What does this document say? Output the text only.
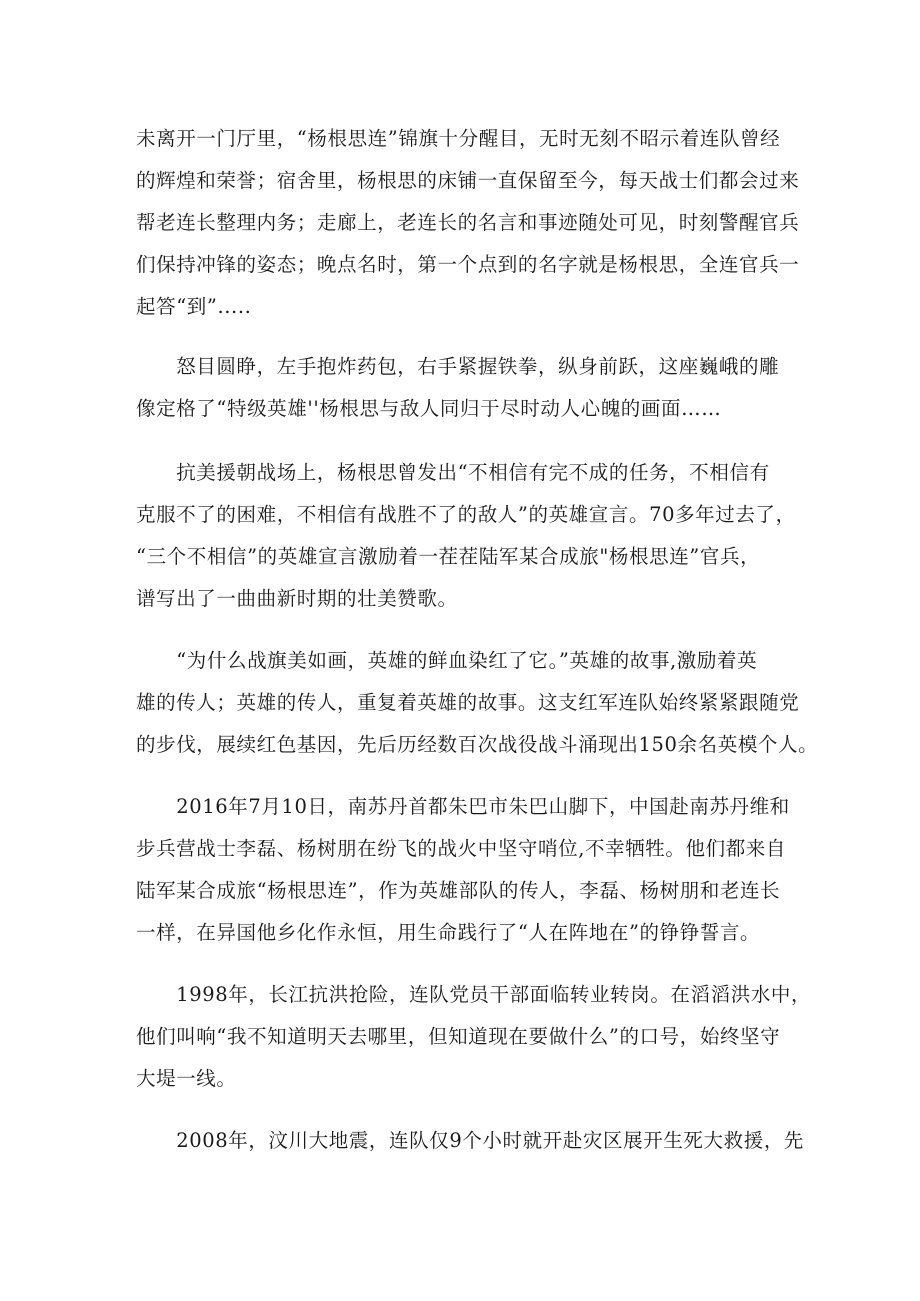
未离开一门厅里，“杨根思连”锦旗十分醒目，无时无刻不昭示着连队曾经
的辉煌和荣誉；宿舍里，杨根思的床铺一直保留至今，每天战士们都会过来
帮老连长整理内务；走廊上，老连长的名言和事迹随处可见，时刻警醒官兵
们保持冲锋的姿态；晚点名时，第一个点到的名字就是杨根思，全连官兵一
起答“到”.....
　　怒目圆睁，左手抱炸药包，右手紧握铁拳，纵身前跃，这座巍峨的雕
像定格了“特级英雄''杨根思与敌人同归于尽时动人心魄的画面……
　　抗美援朝战场上，杨根思曾发出“不相信有完不成的任务，不相信有
克服不了的困难，不相信有战胜不了的敌人”的英雄宣言。70多年过去了，
“三个不相信”的英雄宣言激励着一茬茬陆军某合成旅"杨根思连”官兵，
谱写出了一曲曲新时期的壮美赞歌。
　　“为什么战旗美如画，英雄的鲜血染红了它。”英雄的故事,激励着英
雄的传人；英雄的传人，重复着英雄的故事。这支红军连队始终紧紧跟随党
的步伐，展续红色基因，先后历经数百次战役战斗涌现出150余名英模个人。
　　2016年7月10日，南苏丹首都朱巴市朱巴山脚下，中国赴南苏丹维和
步兵营战士李磊、杨树朋在纷飞的战火中坚守哨位,不幸牺牲。他们都来自
陆军某合成旅“杨根思连”，作为英雄部队的传人，李磊、杨树朋和老连长
一样，在异国他乡化作永恒，用生命践行了“人在阵地在”的铮铮誓言。
　　1998年，长江抗洪抢险，连队党员干部面临转业转岗。在滔滔洪水中，
他们叫响“我不知道明天去哪里，但知道现在要做什么”的口号，始终坚守
大堤一线。
　　2008年，汶川大地震，连队仅9个小时就开赴灾区展开生死大救援，先
